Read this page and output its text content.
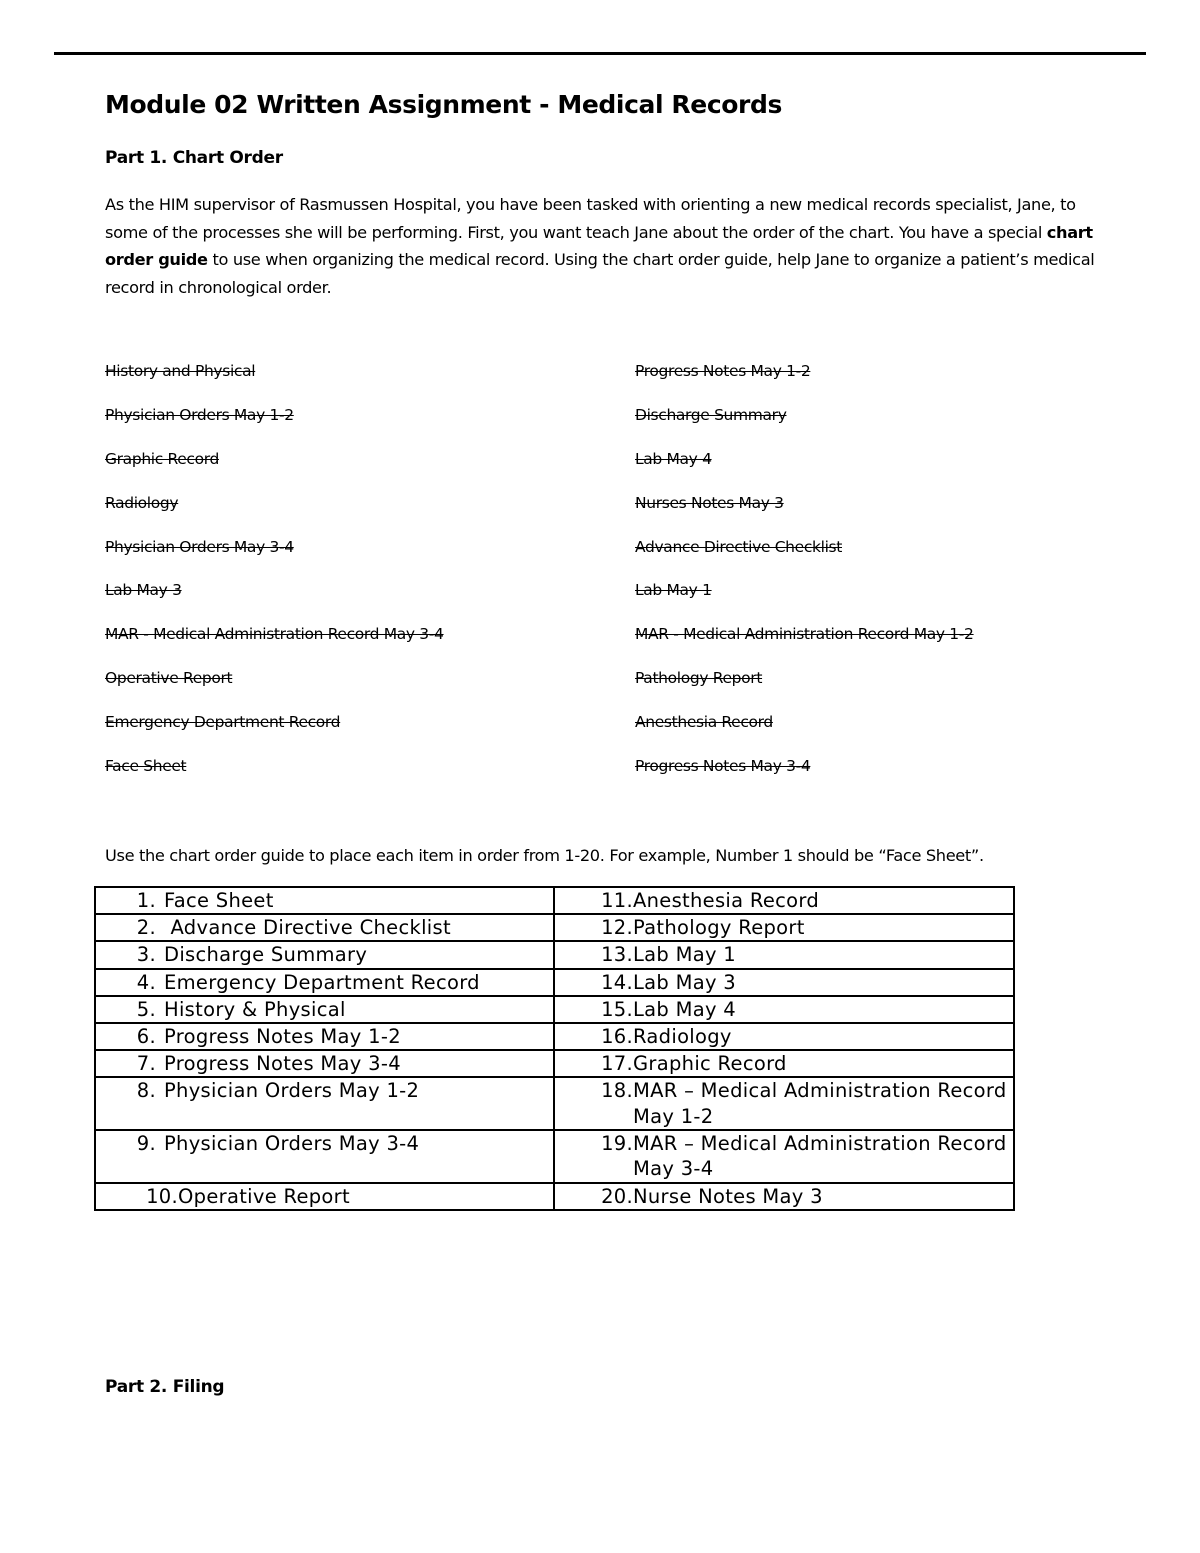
Module 02 Written Assignment - Medical Records
Part 1. Chart Order

As the HIM supervisor of Rasmussen Hospital, you have been tasked with orienting a new medical records specialist, Jane, to some of the processes she will be performing. First, you want teach Jane about the order of the chart. You have a special chart order guide to use when organizing the medical record. Using the chart order guide, help Jane to organize a patient’s medical record in chronological order.

History and Physical
Physician Orders May 1-2
Graphic Record
Radiology
Physician Orders May 3-4
Lab May 3
MAR - Medical Administration Record May 3-4
Operative Report
Emergency Department Record
Face Sheet
Progress Notes May 1-2
Discharge Summary
Lab May 4
Nurses Notes May 3
Advance Directive Checklist
Lab May 1
MAR - Medical Administration Record May 1-2
Pathology Report
Anesthesia Record
Progress Notes May 3-4

Use the chart order guide to place each item in order from 1-20. For example, Number 1 should be “Face Sheet”.

1. Face Sheet	11. Anesthesia Record

2. Advance Directive Checklist	12. Pathology Report

3. Discharge Summary	13. Lab May 1

4. Emergency Department Record	14. Lab May 3

5. History & Physical	15. Lab May 4

6. Progress Notes May 1-2	16. Radiology

7. Progress Notes May 3-4	17. Graphic Record

8. Physician Orders May 1-2	18. MAR – Medical Administration Record May 1-2

9. Physician Orders May 3-4	19. MAR – Medical Administration Record May 3-4

10. Operative Report	20. Nurse Notes May 3
Part 2. Filing
